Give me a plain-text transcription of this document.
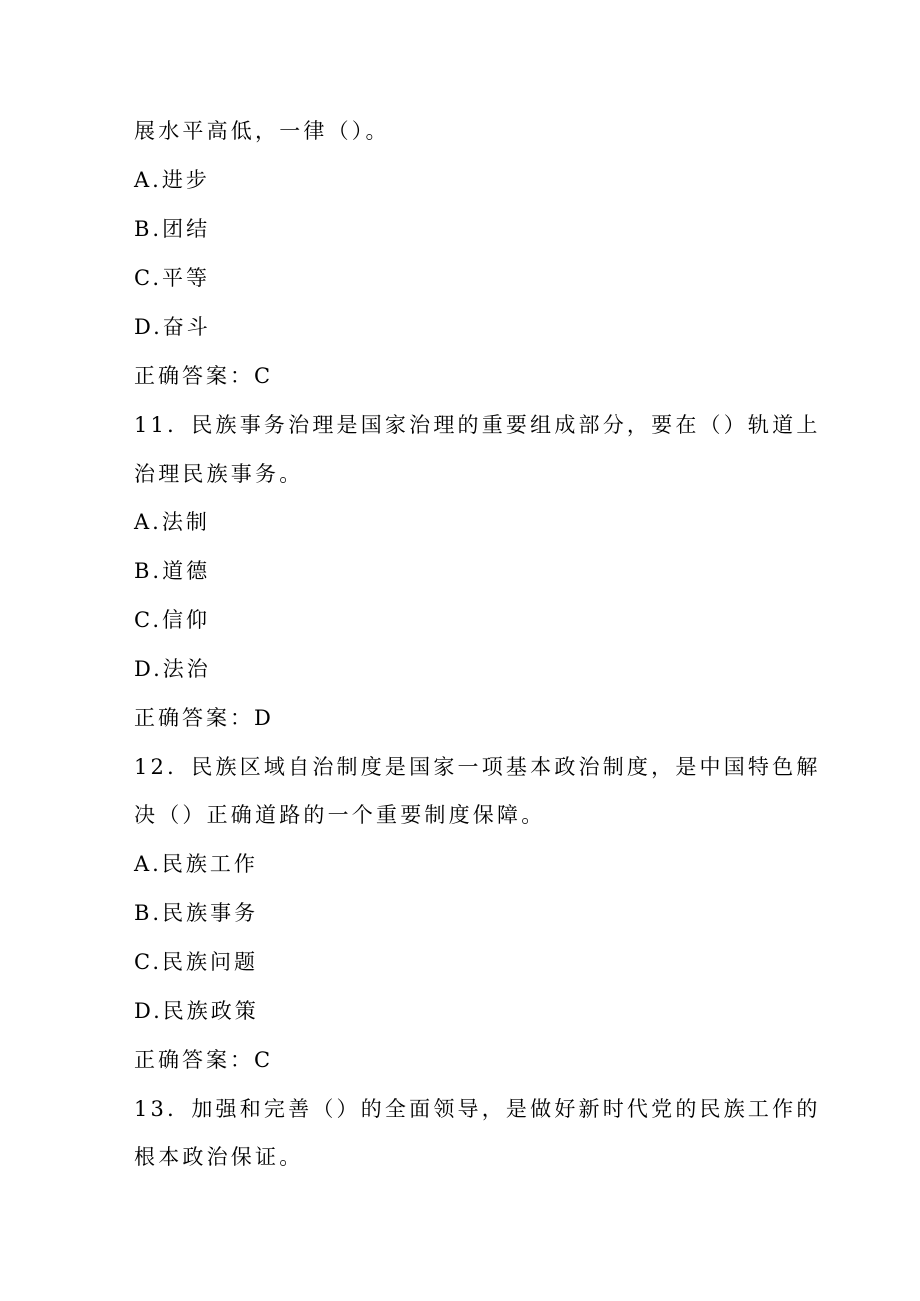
展水平高低，一律（）。
A.进步
B.团结
C.平等
D.奋斗
正确答案：C
11．民族事务治理是国家治理的重要组成部分，要在（）轨道上
治理民族事务。
A.法制
B.道德
C.信仰
D.法治
正确答案：D
12．民族区域自治制度是国家一项基本政治制度，是中国特色解
决（）正确道路的一个重要制度保障。
A.民族工作
B.民族事务
C.民族问题
D.民族政策
正确答案：C
13．加强和完善（）的全面领导，是做好新时代党的民族工作的
根本政治保证。
